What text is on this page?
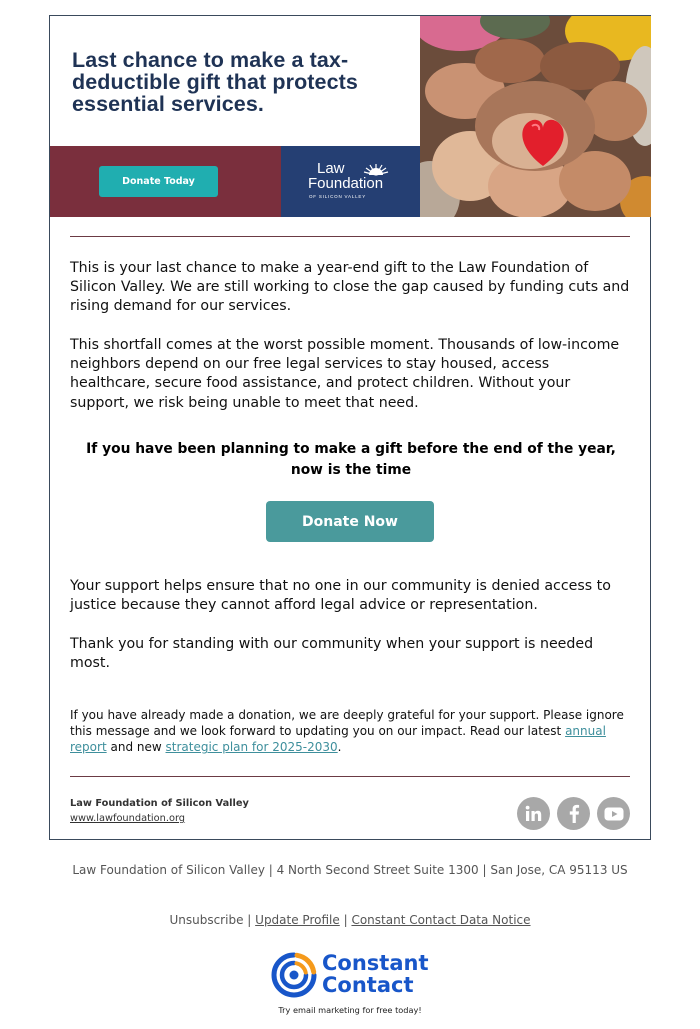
Last chance to make a tax-deductible gift that protects essential services.
Donate Today
Law
Foundation
OF SILICON VALLEY
This is your last chance to make a year-end gift to the Law Foundation of Silicon Valley. We are still working to close the gap caused by funding cuts and rising demand for our services.
This shortfall comes at the worst possible moment. Thousands of low-income neighbors depend on our free legal services to stay housed, access healthcare, secure food assistance, and protect children. Without your support, we risk being unable to meet that need.
If you have been planning to make a gift before the end of the year,
now is the time
Donate Now
Your support helps ensure that no one in our community is denied access to justice because they cannot afford legal advice or representation.
Thank you for standing with our community when your support is needed most.
If you have already made a donation, we are deeply grateful for your support. Please ignore this message and we look forward to updating you on our impact. Read our latest annual report and new strategic plan for 2025-2030.
Law Foundation of Silicon Valley
www.lawfoundation.org
Law Foundation of Silicon Valley | 4 North Second Street Suite 1300 | San Jose, CA 95113 US
Unsubscribe | Update Profile | Constant Contact Data Notice
Constant
Contact
Try email marketing for free today!
